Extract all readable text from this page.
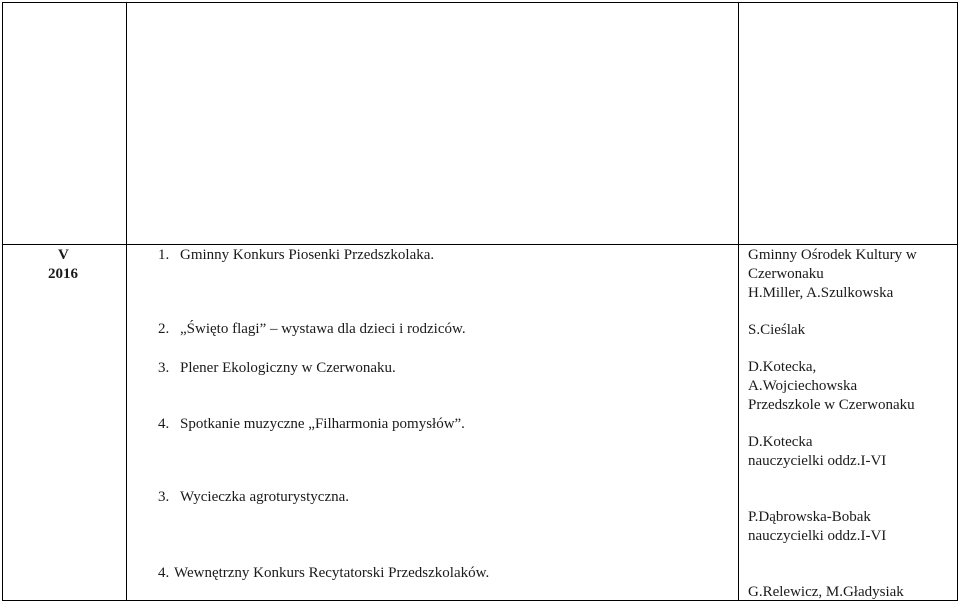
V
2016
1. Gminny Konkurs Piosenki Przedszkolaka.
2. „Święto flagi” – wystawa dla dzieci i rodziców.
3. Plener Ekologiczny w Czerwonaku.
4. Spotkanie muzyczne „Filharmonia pomysłów”.
3. Wycieczka agroturystyczna.
4. Wewnętrzny Konkurs Recytatorski Przedszkolaków.
Gminny Ośrodek Kultury w
Czerwonaku
H.Miller, A.Szulkowska
S.Cieślak
D.Kotecka,
A.Wojciechowska
Przedszkole w Czerwonaku
D.Kotecka
nauczycielki oddz.I-VI
P.Dąbrowska-Bobak
nauczycielki oddz.I-VI
G.Relewicz, M.Gładysiak
